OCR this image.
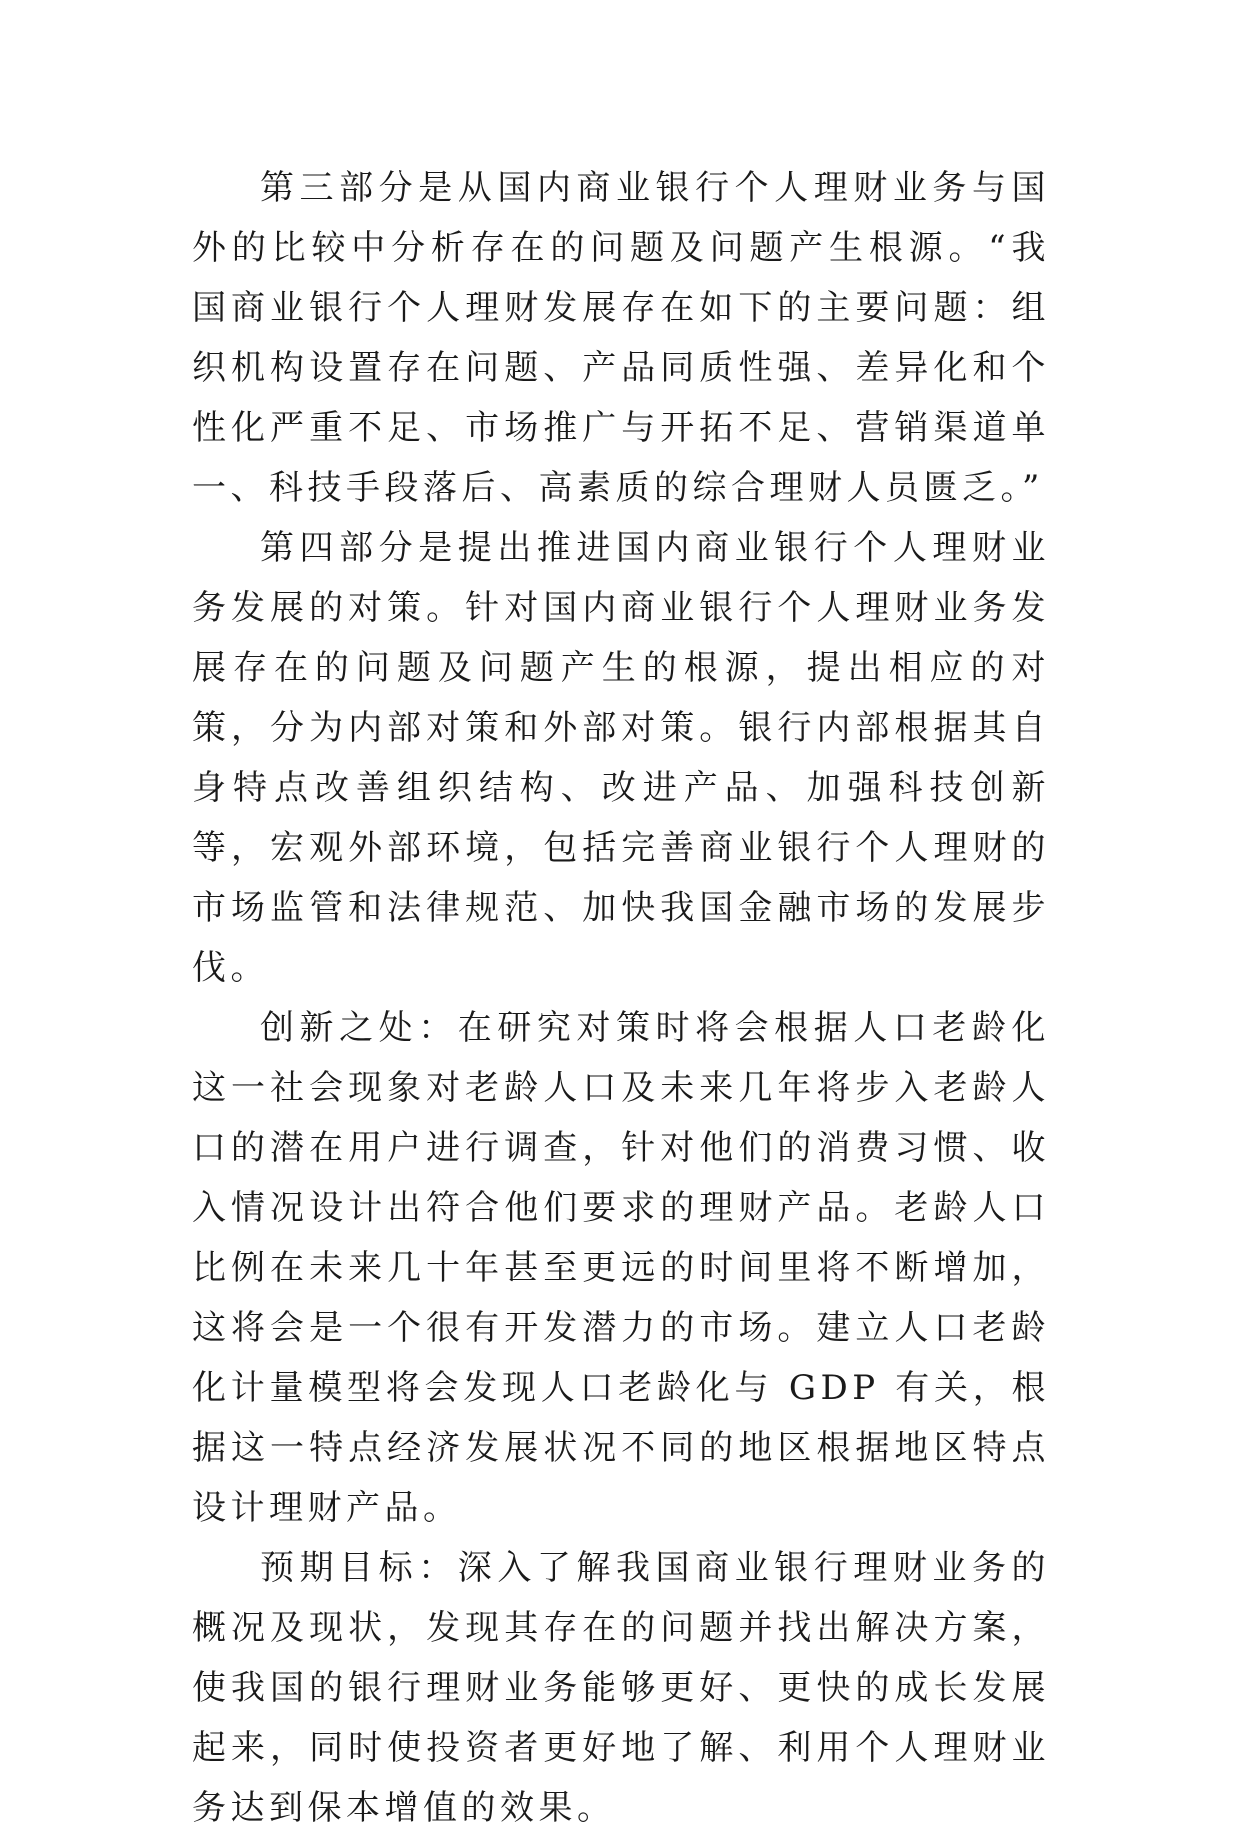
第三部分是从国内商业银行个人理财业务与国外的比较中分析存在的问题及问题产生根源。“我国商业银行个人理财发展存在如下的主要问题：组织机构设置存在问题、产品同质性强、差异化和个性化严重不足、市场推广与开拓不足、营销渠道单一、科技手段落后、高素质的综合理财人员匮乏。”

第四部分是提出推进国内商业银行个人理财业务发展的对策。针对国内商业银行个人理财业务发展存在的问题及问题产生的根源，提出相应的对策，分为内部对策和外部对策。银行内部根据其自身特点改善组织结构、改进产品、加强科技创新等，宏观外部环境，包括完善商业银行个人理财的市场监管和法律规范、加快我国金融市场的发展步伐。

创新之处：在研究对策时将会根据人口老龄化这一社会现象对老龄人口及未来几年将步入老龄人口的潜在用户进行调查，针对他们的消费习惯、收入情况设计出符合他们要求的理财产品。老龄人口比例在未来几十年甚至更远的时间里将不断增加，这将会是一个很有开发潜力的市场。建立人口老龄化计量模型将会发现人口老龄化与 GDP 有关，根据这一特点经济发展状况不同的地区根据地区特点设计理财产品。

预期目标：深入了解我国商业银行理财业务的概况及现状，发现其存在的问题并找出解决方案，使我国的银行理财业务能够更好、更快的成长发展起来，同时使投资者更好地了解、利用个人理财业务达到保本增值的效果。
